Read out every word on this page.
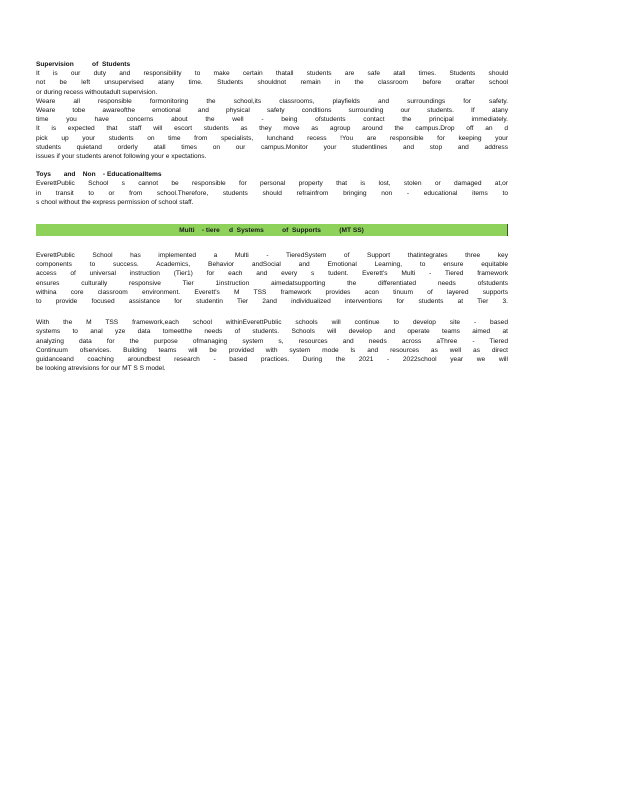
Supervision          of  Students

It is our duty and responsibility to make certain thatall students are safe atall times. Students should

not be left unsupervised atany time. Students shouldnot remain in the classroom before orafter school

or during recess withoutadult supervision.

Weare all responsible formonitoring the school,its classrooms, playfields and surroundings for safety.

Weare tobe awareofthe emotional and physical safety conditions surrounding our students. If atany

time you have concerns about the well - being ofstudents contact the principal immediately.

It is expected that staff will escort students as they move as agroup around the campus.Drop off an d

pick up your students on time from specialists, lunchand recess !You are responsible for keeping your

students quietand orderly atall times on our campus.Monitor your studentlines and stop and address

issues if your students arenot following your e xpectations.

Toys       and    Non    - EducationalItems

EverettPublic School s cannot be responsible for personal property that is lost, stolen or damaged at,or

in transit to or from school.Therefore, students should refrainfrom bringing non - educational items to

s chool without the express permission of school staff.

Multi    - tiere     d  Systems          of  Supports          (MT SS)

EverettPublic School has implemented a Multi - TieredSystem of Support thatintegrates three key

components to success. Academics, Behavior andSocial and Emotional Learning, to ensure equitable

access of universal instruction (Tier1) for each and every s tudent. Everett's Multi - Tiered framework

ensures culturally responsive Tier 1instruction aimedatsupporting the differentiated needs ofstudents

withina core classroom environment. Everett's M TSS framework provides acon tinuum of layered supports

to provide focused assistance for studentin Tier 2and individualized interventions for students at Tier 3.

With the M TSS framework,each school withinEverettPublic schools will continue to develop site - based

systems to anal yze data tomeetthe needs of students. Schools will develop and operate teams aimed at

analyzing data for the purpose ofmanaging system s, resources and needs across aThree - Tiered

Continuum ofservices. Building teams will be provided with system mode ls and resources as well as direct

guidanceand coaching aroundbest research - based practices. During the 2021 - 2022school year we will

be looking atrevisions for our MT S S model.
